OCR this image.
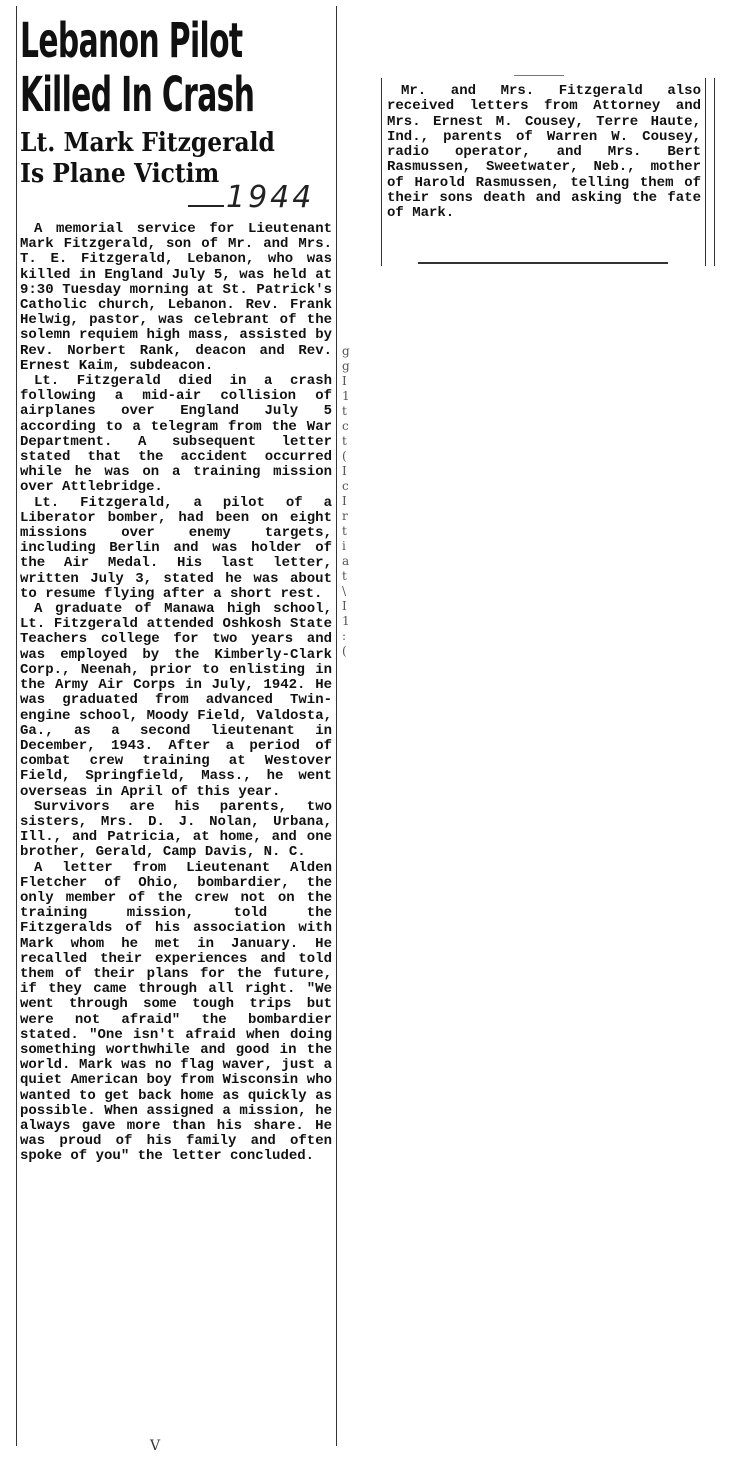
Lebanon Pilot
Killed In Crash
Lt. Mark Fitzgerald
Is Plane Victim

A memorial service for Lieutenant Mark Fitzgerald, son of Mr. and Mrs. T. E. Fitzgerald, Lebanon, who was killed in England July 5, was held at 9:30 Tuesday morning at St. Patrick's Catholic church, Lebanon. Rev. Frank Helwig, pastor, was celebrant of the solemn requiem high mass, assisted by Rev. Norbert Rank, deacon and Rev. Ernest Kaim, subdeacon.

Lt. Fitzgerald died in a crash following a mid-air collision of airplanes over England July 5 according to a telegram from the War Department. A subsequent letter stated that the accident occurred while he was on a training mission over Attlebridge.

Lt. Fitzgerald, a pilot of a Liberator bomber, had been on eight missions over enemy targets, including Berlin and was holder of the Air Medal. His last letter, written July 3, stated he was about to resume flying after a short rest.

A graduate of Manawa high school, Lt. Fitzgerald attended Oshkosh State Teachers college for two years and was employed by the Kimberly-Clark Corp., Neenah, prior to enlisting in the Army Air Corps in July, 1942. He was graduated from advanced Twin-engine school, Moody Field, Valdosta, Ga., as a second lieutenant in December, 1943. After a period of combat crew training at Westover Field, Springfield, Mass., he went overseas in April of this year.

Survivors are his parents, two sisters, Mrs. D. J. Nolan, Urbana, Ill., and Patricia, at home, and one brother, Gerald, Camp Davis, N. C.

A letter from Lieutenant Alden Fletcher of Ohio, bombardier, the only member of the crew not on the training mission, told the Fitzgeralds of his association with Mark whom he met in January. He recalled their experiences and told them of their plans for the future, if they came through all right. "We went through some tough trips but were not afraid" the bombardier stated. "One isn't afraid when doing something worthwhile and good in the world. Mark was no flag waver, just a quiet American boy from Wisconsin who wanted to get back home as quickly as possible. When assigned a mission, he always gave more than his share. He was proud of his family and often spoke of you" the letter concluded.

1944

Mr. and Mrs. Fitzgerald also received letters from Attorney and Mrs. Ernest M. Cousey, Terre Haute, Ind., parents of Warren W. Cousey, radio operator, and Mrs. Bert Rasmussen, Sweetwater, Neb., mother of Harold Rasmussen, telling them of their sons death and asking the fate of Mark.

g
g
I
1
t
c
t
(
I
c
I
r
t
i
a
t
\
I
1
:
(
V
